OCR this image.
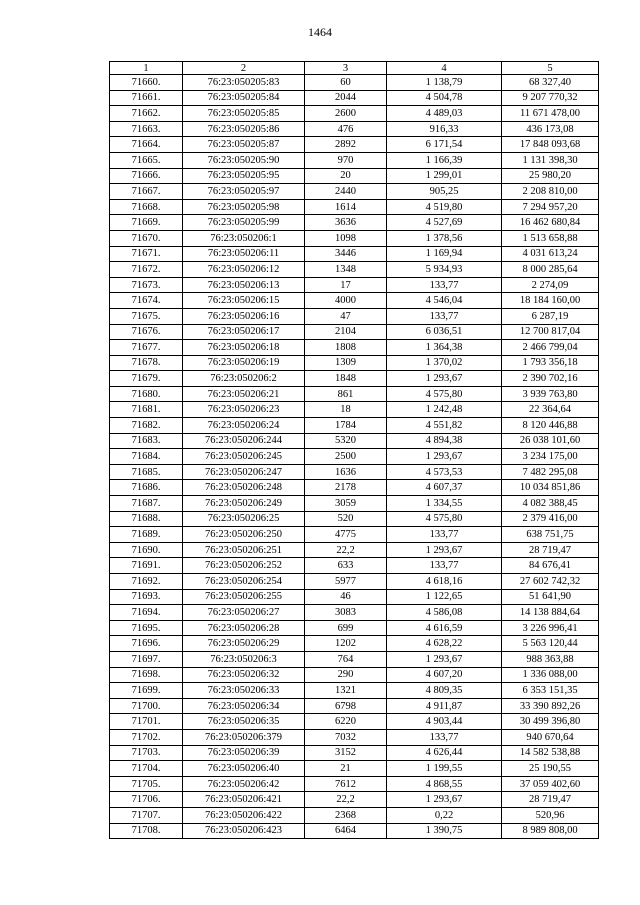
1464
1	2	3	4	5
71660.	76:23:050205:83	60	1 138,79	68 327,40
71661.	76:23:050205:84	2044	4 504,78	9 207 770,32
71662.	76:23:050205:85	2600	4 489,03	11 671 478,00
71663.	76:23:050205:86	476	916,33	436 173,08
71664.	76:23:050205:87	2892	6 171,54	17 848 093,68
71665.	76:23:050205:90	970	1 166,39	1 131 398,30
71666.	76:23:050205:95	20	1 299,01	25 980,20
71667.	76:23:050205:97	2440	905,25	2 208 810,00
71668.	76:23:050205:98	1614	4 519,80	7 294 957,20
71669.	76:23:050205:99	3636	4 527,69	16 462 680,84
71670.	76:23:050206:1	1098	1 378,56	1 513 658,88
71671.	76:23:050206:11	3446	1 169,94	4 031 613,24
71672.	76:23:050206:12	1348	5 934,93	8 000 285,64
71673.	76:23:050206:13	17	133,77	2 274,09
71674.	76:23:050206:15	4000	4 546,04	18 184 160,00
71675.	76:23:050206:16	47	133,77	6 287,19
71676.	76:23:050206:17	2104	6 036,51	12 700 817,04
71677.	76:23:050206:18	1808	1 364,38	2 466 799,04
71678.	76:23:050206:19	1309	1 370,02	1 793 356,18
71679.	76:23:050206:2	1848	1 293,67	2 390 702,16
71680.	76:23:050206:21	861	4 575,80	3 939 763,80
71681.	76:23:050206:23	18	1 242,48	22 364,64
71682.	76:23:050206:24	1784	4 551,82	8 120 446,88
71683.	76:23:050206:244	5320	4 894,38	26 038 101,60
71684.	76:23:050206:245	2500	1 293,67	3 234 175,00
71685.	76:23:050206:247	1636	4 573,53	7 482 295,08
71686.	76:23:050206:248	2178	4 607,37	10 034 851,86
71687.	76:23:050206:249	3059	1 334,55	4 082 388,45
71688.	76:23:050206:25	520	4 575,80	2 379 416,00
71689.	76:23:050206:250	4775	133,77	638 751,75
71690.	76:23:050206:251	22,2	1 293,67	28 719,47
71691.	76:23:050206:252	633	133,77	84 676,41
71692.	76:23:050206:254	5977	4 618,16	27 602 742,32
71693.	76:23:050206:255	46	1 122,65	51 641,90
71694.	76:23:050206:27	3083	4 586,08	14 138 884,64
71695.	76:23:050206:28	699	4 616,59	3 226 996,41
71696.	76:23:050206:29	1202	4 628,22	5 563 120,44
71697.	76:23:050206:3	764	1 293,67	988 363,88
71698.	76:23:050206:32	290	4 607,20	1 336 088,00
71699.	76:23:050206:33	1321	4 809,35	6 353 151,35
71700.	76:23:050206:34	6798	4 911,87	33 390 892,26
71701.	76:23:050206:35	6220	4 903,44	30 499 396,80
71702.	76:23:050206:379	7032	133,77	940 670,64
71703.	76:23:050206:39	3152	4 626,44	14 582 538,88
71704.	76:23:050206:40	21	1 199,55	25 190,55
71705.	76:23:050206:42	7612	4 868,55	37 059 402,60
71706.	76:23:050206:421	22,2	1 293,67	28 719,47
71707.	76:23:050206:422	2368	0,22	520,96
71708.	76:23:050206:423	6464	1 390,75	8 989 808,00
